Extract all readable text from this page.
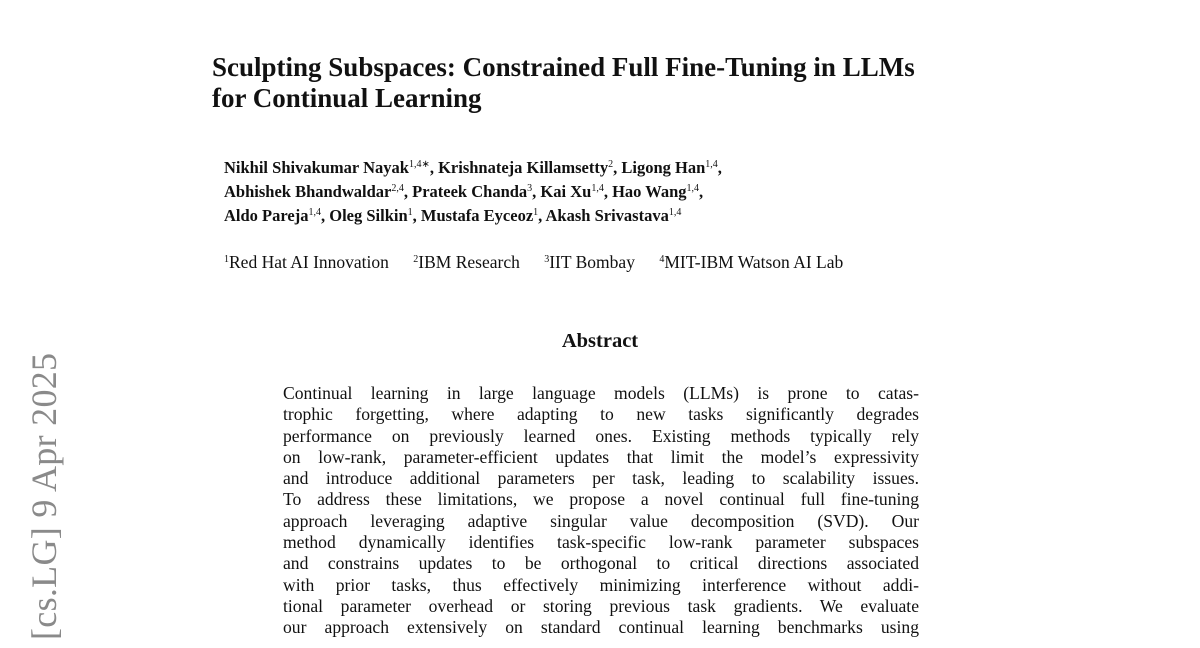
[cs.LG] 9 Apr 2025
Sculpting Subspaces: Constrained Full Fine-Tuning in LLMs
for Continual Learning
Nikhil Shivakumar Nayak$^{1,4∗}$, Krishnateja Killamsetty$^2$, Ligong Han$^{1,4}$,
Abhishek Bhandwaldar$^{2,4}$, Prateek Chanda$^3$, Kai Xu$^{1,4}$, Hao Wang$^{1,4}$,
Aldo Pareja$^{1,4}$, Oleg Silkin$^1$, Mustafa Eyceoz$^1$, Akash Srivastava$^{1,4}$
$^1$Red Hat AI Innovation $^2$IBM Research $^3$IIT Bombay $^4$MIT-IBM Watson AI Lab
Abstract
Continual learning in large language models (LLMs) is prone to catas-
trophic forgetting, where adapting to new tasks significantly degrades
performance on previously learned ones. Existing methods typically rely
on low-rank, parameter-efficient updates that limit the model’s expressivity
and introduce additional parameters per task, leading to scalability issues.
To address these limitations, we propose a novel continual full fine-tuning
approach leveraging adaptive singular value decomposition (SVD). Our
method dynamically identifies task-specific low-rank parameter subspaces
and constrains updates to be orthogonal to critical directions associated
with prior tasks, thus effectively minimizing interference without addi-
tional parameter overhead or storing previous task gradients. We evaluate
our approach extensively on standard continual learning benchmarks using
